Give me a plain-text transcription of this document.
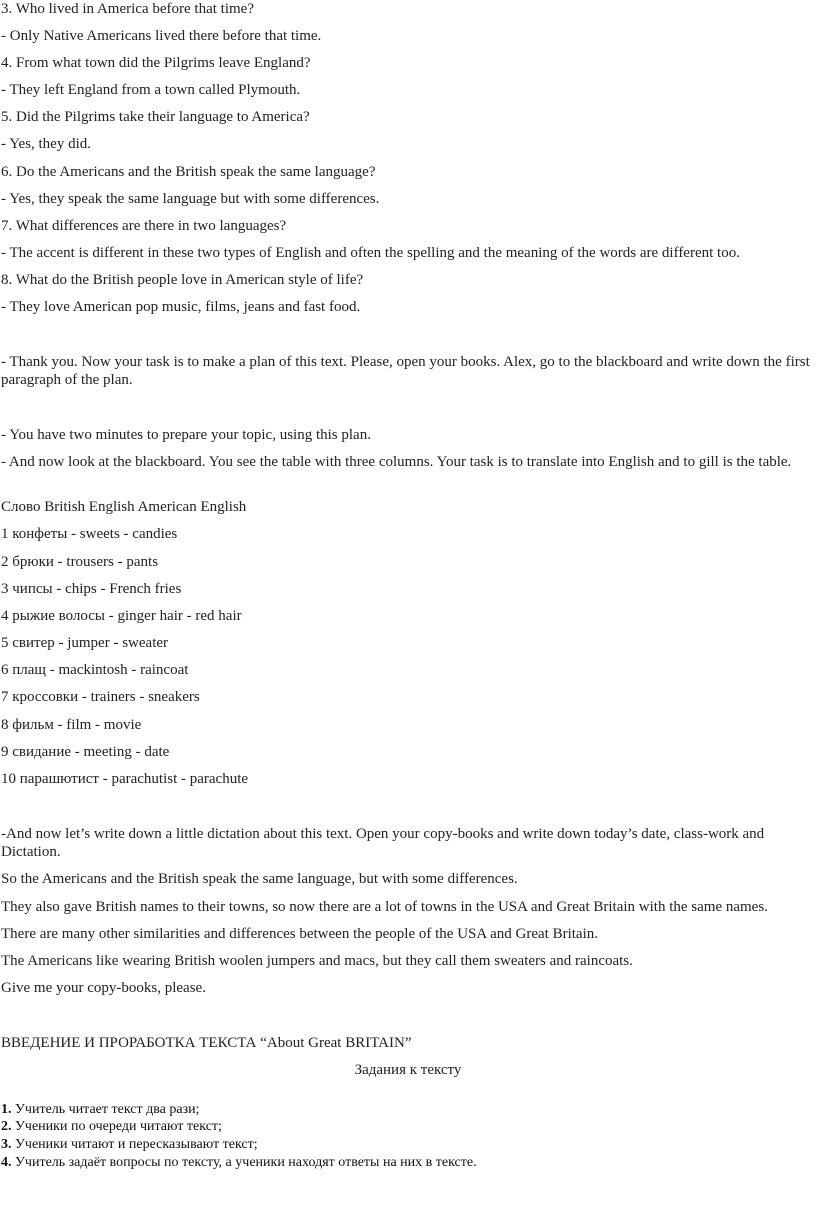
3. Who lived in America before that time?
- Only Native Americans lived there before that time.
4. From what town did the Pilgrims leave England?
- They left England from a town called Plymouth.
5. Did the Pilgrims take their language to America?
- Yes, they did.
6. Do the Americans and the British speak the same language?
- Yes, they speak the same language but with some differences.
7. What differences are there in two languages?
- The accent is different in these two types of English and often the spelling and the meaning of the words are different too.
8. What do the British people love in American style of life?
- They love American pop music, films, jeans and fast food.
- Thank you. Now your task is to make a plan of this text. Please, open your books. Alex, go to the blackboard and write down the first paragraph of the plan.
- You have two minutes to prepare your topic, using this plan.
- And now look at the blackboard. You see the table with three columns. Your task is to translate into English and to gill is the table.
Слово British English American English
1 конфеты - sweets - candies
2 брюки - trousers - pants
3 чипсы - chips - French fries
4 рыжие волосы - ginger hair - red hair
5 свитер - jumper - sweater
6 плащ - mackintosh - raincoat
7 кроссовки - trainers - sneakers
8 фильм - film - movie
9 свидание - meeting - date
10 парашютист - parachutist - parachute
-And now let’s write down a little dictation about this text. Open your copy-books and write down today’s date, class-work and Dictation.
So the Americans and the British speak the same language, but with some differences.
They also gave British names to their towns, so now there are a lot of towns in the USA and Great Britain with the same names.
There are many other similarities and differences between the people of the USA and Great Britain.
The Americans like wearing British woolen jumpers and macs, but they call them sweaters and raincoats.
Give me your copy-books, please.
ВВЕДЕНИЕ И ПРОРАБОТКА ТЕКСТА “About Great BRITAIN”
Задания к тексту
1. Учитель читает текст два рази;
2. Ученики по очереди читают текст;
3. Ученики читают и пересказывают текст;
4. Учитель задаёт вопросы по тексту, а ученики находят ответы на них в тексте.
